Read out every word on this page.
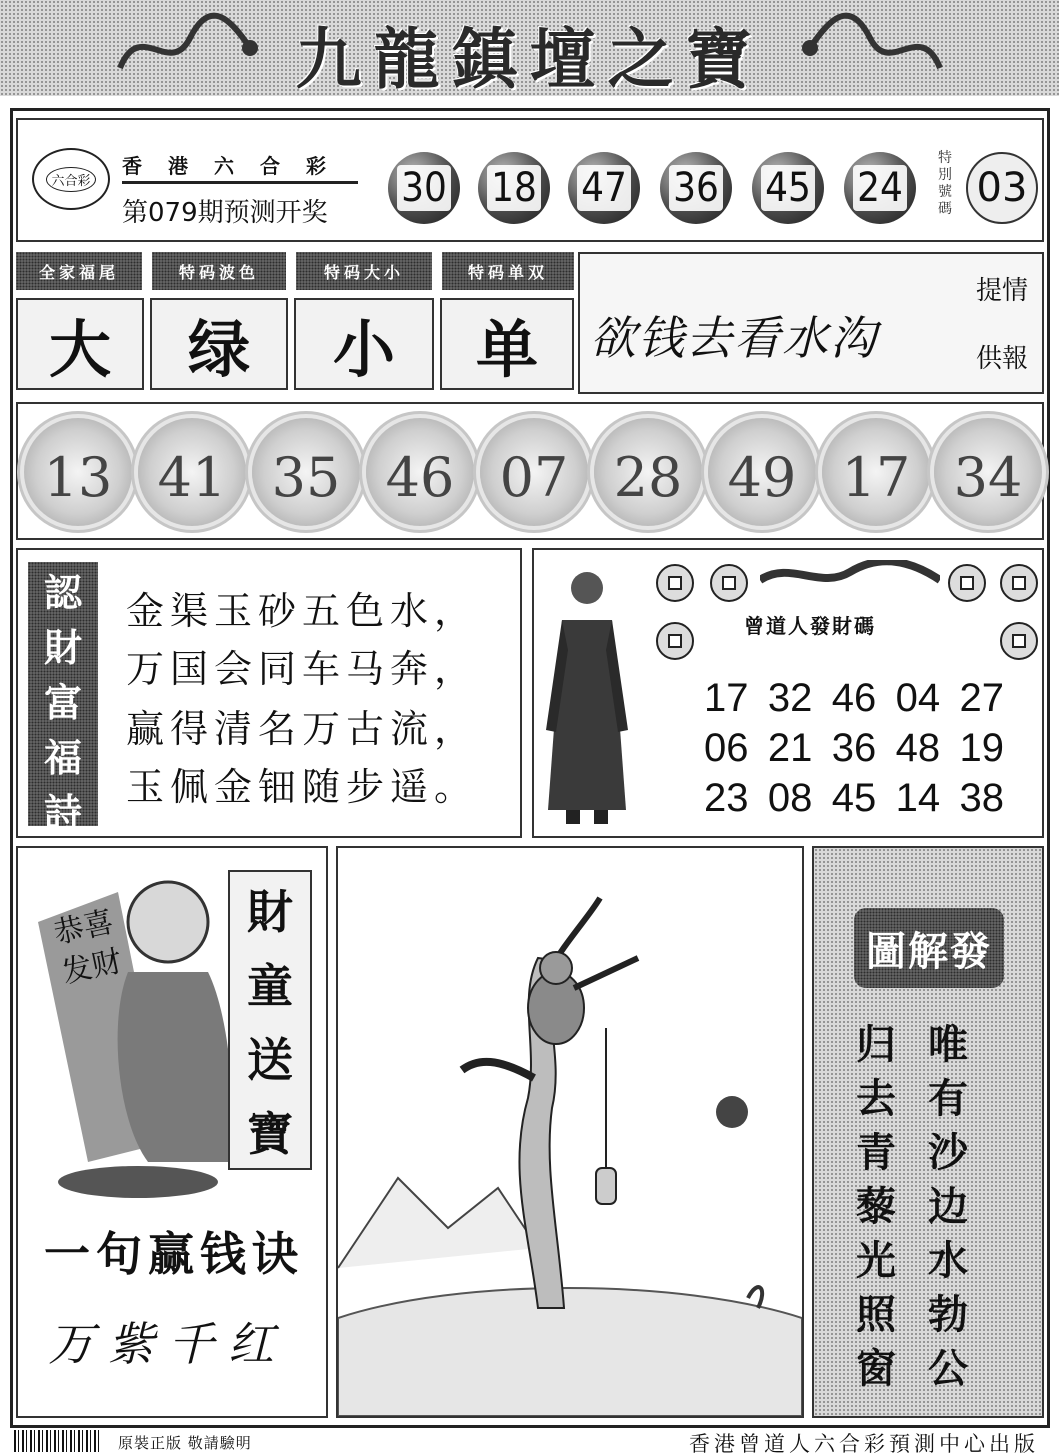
九龍鎮壇之寶
六合彩
香港六合彩
第079期预测开奖
30 18 47 36 45 24
特別號碼 03
全家福尾	特码波色	特码大小	特码单双
大	绿	小	单	欲钱去看水沟
提情
供報
13 41 35 46 07 28 49 17 34
認
財
富
福
詩
金渠玉砂五色水，
万国会同车马奔，
赢得清名万古流，
玉佩金钿随步遥。
曾道人發財碼
17 32 46 04 27
06 21 36 48 19
23 08 45 14 38
恭喜发财
財
童
送
寶
一句赢钱诀
万紫千红
圖解發
唯
有
沙
边
水
勃
公
归
去
青
藜
光
照
窗
原裝正版 敬請驗明	香港曾道人六合彩預測中心出版
